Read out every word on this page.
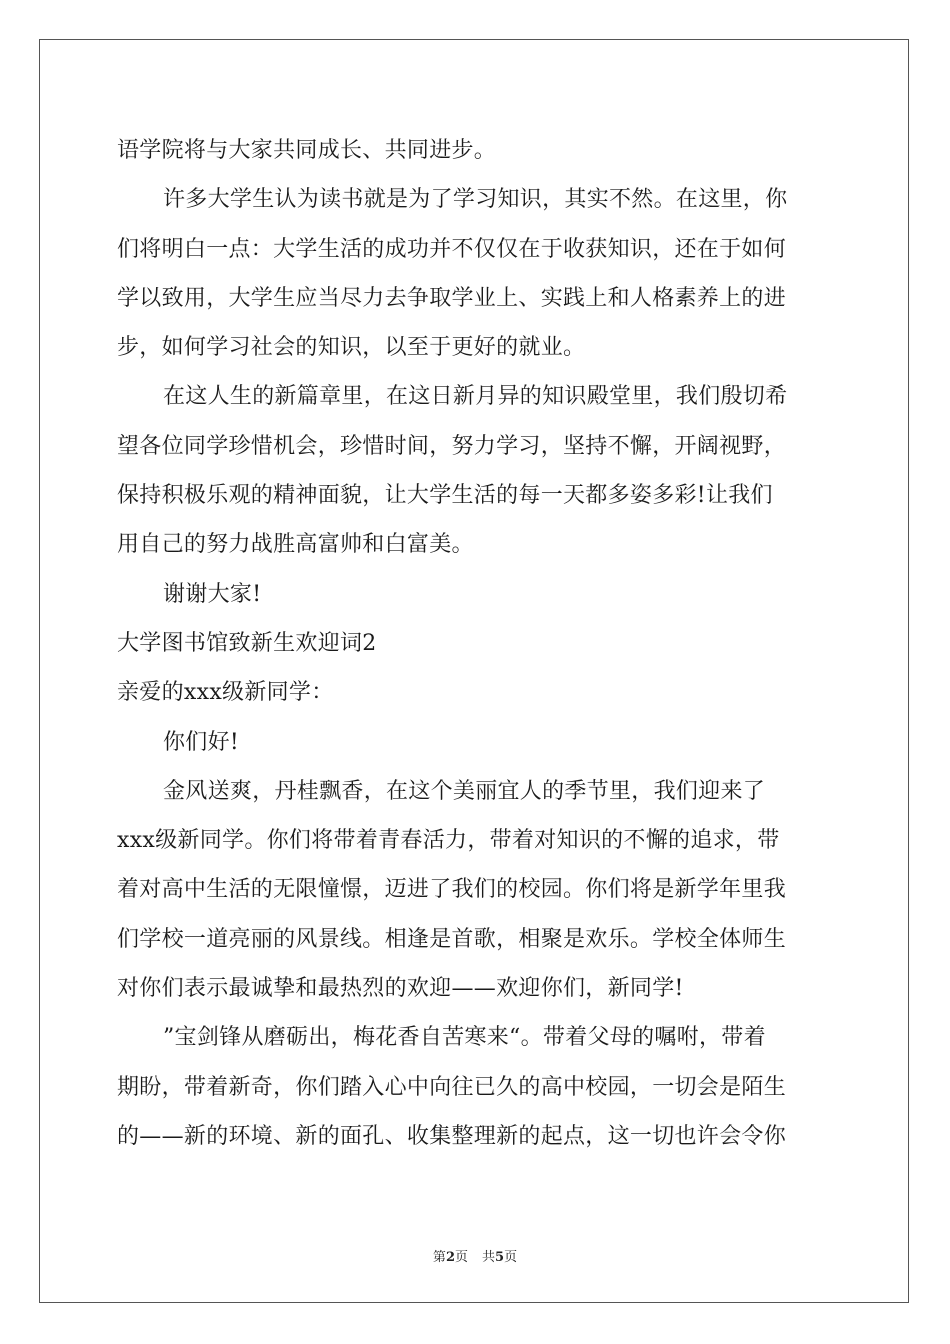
语学院将与大家共同成长、共同进步。
许多大学生认为读书就是为了学习知识，其实不然。在这里，你
们将明白一点：大学生活的成功并不仅仅在于收获知识，还在于如何
学以致用，大学生应当尽力去争取学业上、实践上和人格素养上的进
步，如何学习社会的知识，以至于更好的就业。
在这人生的新篇章里，在这日新月异的知识殿堂里，我们殷切希
望各位同学珍惜机会，珍惜时间，努力学习，坚持不懈，开阔视野，
保持积极乐观的精神面貌，让大学生活的每一天都多姿多彩!让我们
用自己的努力战胜高富帅和白富美。
谢谢大家!
大学图书馆致新生欢迎词2
亲爱的xxx级新同学：
你们好!
金风送爽，丹桂飘香，在这个美丽宜人的季节里，我们迎来了
xxx级新同学。你们将带着青春活力，带着对知识的不懈的追求，带
着对高中生活的无限憧憬，迈进了我们的校园。你们将是新学年里我
们学校一道亮丽的风景线。相逢是首歌，相聚是欢乐。学校全体师生
对你们表示最诚挚和最热烈的欢迎——欢迎你们，新同学!
”宝剑锋从磨砺出，梅花香自苦寒来“。带着父母的嘱咐，带着
期盼，带着新奇，你们踏入心中向往已久的高中校园，一切会是陌生
的——新的环境、新的面孔、收集整理新的起点，这一切也许会令你
第2页 共5页
